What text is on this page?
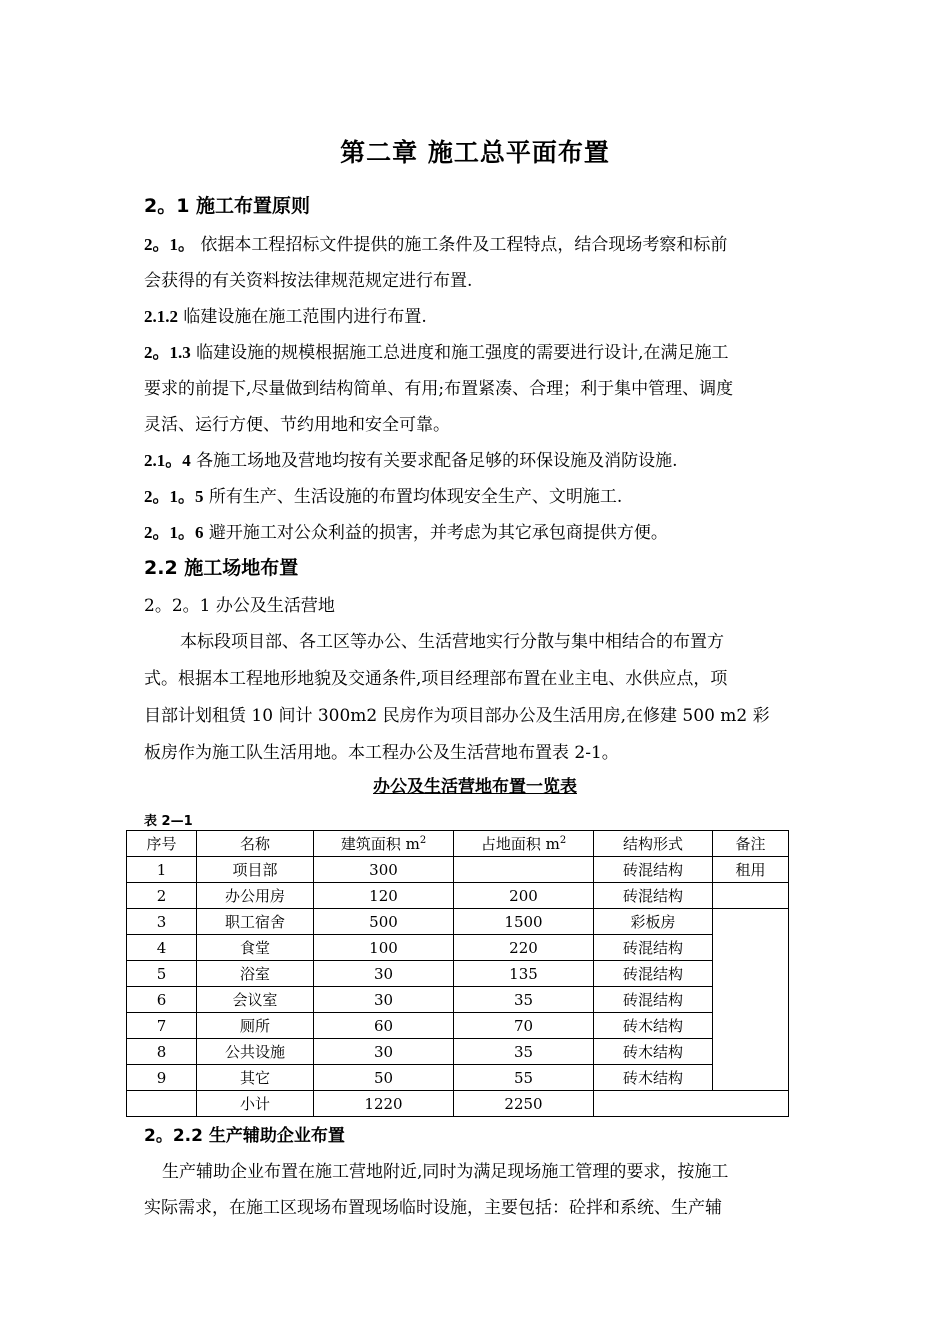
第二章 施工总平面布置
2。1 施工布置原则
2。1。 依据本工程招标文件提供的施工条件及工程特点，结合现场考察和标前
会获得的有关资料按法律规范规定进行布置.
2.1.2 临建设施在施工范围内进行布置.
2。1.3 临建设施的规模根据施工总进度和施工强度的需要进行设计,在满足施工
要求的前提下,尽量做到结构简单、有用;布置紧凑、合理；利于集中管理、调度
灵活、运行方便、节约用地和安全可靠。
2.1。4 各施工场地及营地均按有关要求配备足够的环保设施及消防设施.
2。1。5 所有生产、生活设施的布置均体现安全生产、文明施工.
2。1。6 避开施工对公众利益的损害，并考虑为其它承包商提供方便。
2.2 施工场地布置
2。2。1 办公及生活营地
本标段项目部、各工区等办公、生活营地实行分散与集中相结合的布置方
式。根据本工程地形地貌及交通条件,项目经理部布置在业主电、水供应点，项
目部计划租赁 10 间计 300m2 民房作为项目部办公及生活用房,在修建 500 m2 彩
板房作为施工队生活用地。本工程办公及生活营地布置表 2-1。
办公及生活营地布置一览表
表 2—1
序号	名称	建筑面积 $m^2$	占地面积 $m^2$	结构形式	备注
1	项目部	300		砖混结构	租用
2	办公用房	120	200	砖混结构	
3	职工宿舍	500	1500	彩板房	
4	食堂	100	220	砖混结构	
5	浴室	30	135	砖混结构	
6	会议室	30	35	砖混结构	
7	厕所	60	70	砖木结构	
8	公共设施	30	35	砖木结构	
9	其它	50	55	砖木结构	
	小计	1220	2250		
2。2.2 生产辅助企业布置
生产辅助企业布置在施工营地附近,同时为满足现场施工管理的要求，按施工
实际需求，在施工区现场布置现场临时设施，主要包括：砼拌和系统、生产辅
